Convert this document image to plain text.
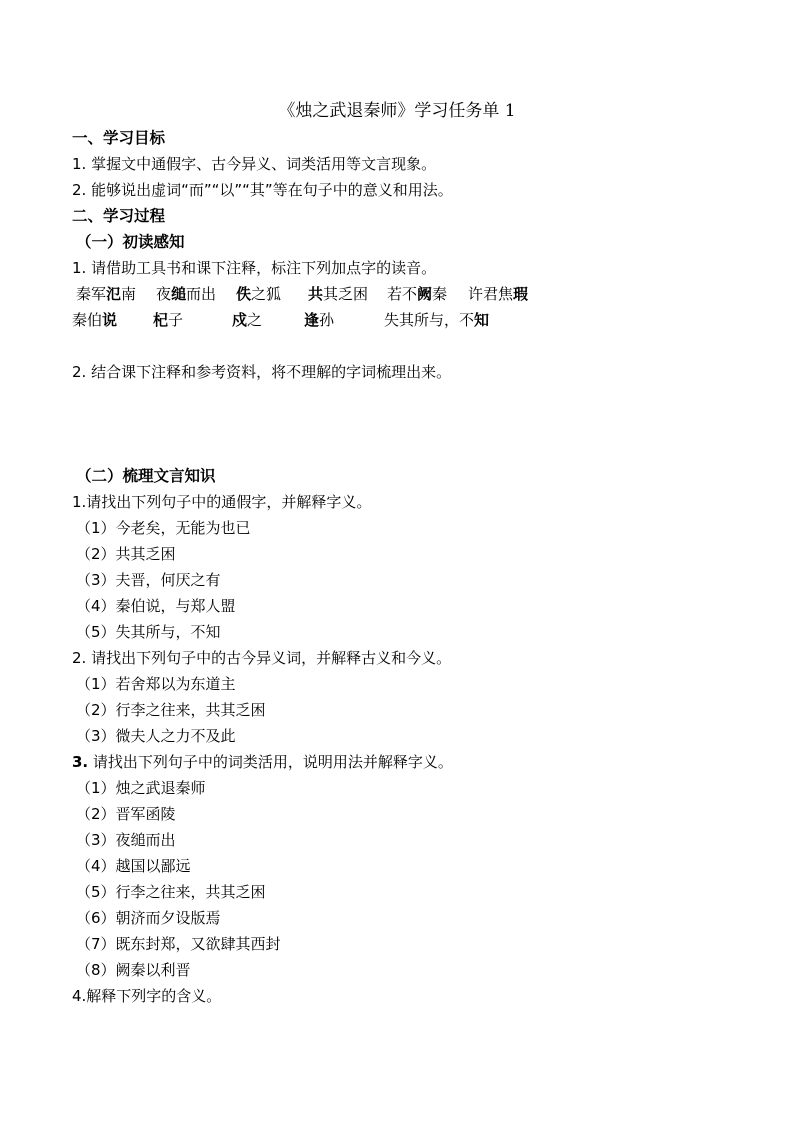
《烛之武退秦师》学习任务单 1
一、学习目标
1. 掌握文中通假字、古今异义、词类活用等文言现象。
2. 能够说出虚词“而”“以”“其”等在句子中的意义和用法。
二、学习过程
（一）初读感知
1. 请借助工具书和课下注释，标注下列加点字的读音。
秦军氾南 夜缒而出 佚之狐 共其乏困 若不阙秦 许君焦瑕
秦伯说 杞子	戍之	逢孙	失其所与，不知
2. 结合课下注释和参考资料，将不理解的字词梳理出来。
（二）梳理文言知识
1.请找出下列句子中的通假字，并解释字义。
（1）今老矣，无能为也已
（2）共其乏困
（3）夫晋，何厌之有
（4）秦伯说，与郑人盟
（5）失其所与，不知
2. 请找出下列句子中的古今异义词，并解释古义和今义。
（1）若舍郑以为东道主
（2）行李之往来，共其乏困
（3）微夫人之力不及此
3. 请找出下列句子中的词类活用，说明用法并解释字义。
（1）烛之武退秦师
（2）晋军函陵
（3）夜缒而出
（4）越国以鄙远
（5）行李之往来，共其乏困
（6）朝济而夕设版焉
（7）既东封郑，又欲肆其西封
（8）阙秦以利晋
4.解释下列字的含义。
